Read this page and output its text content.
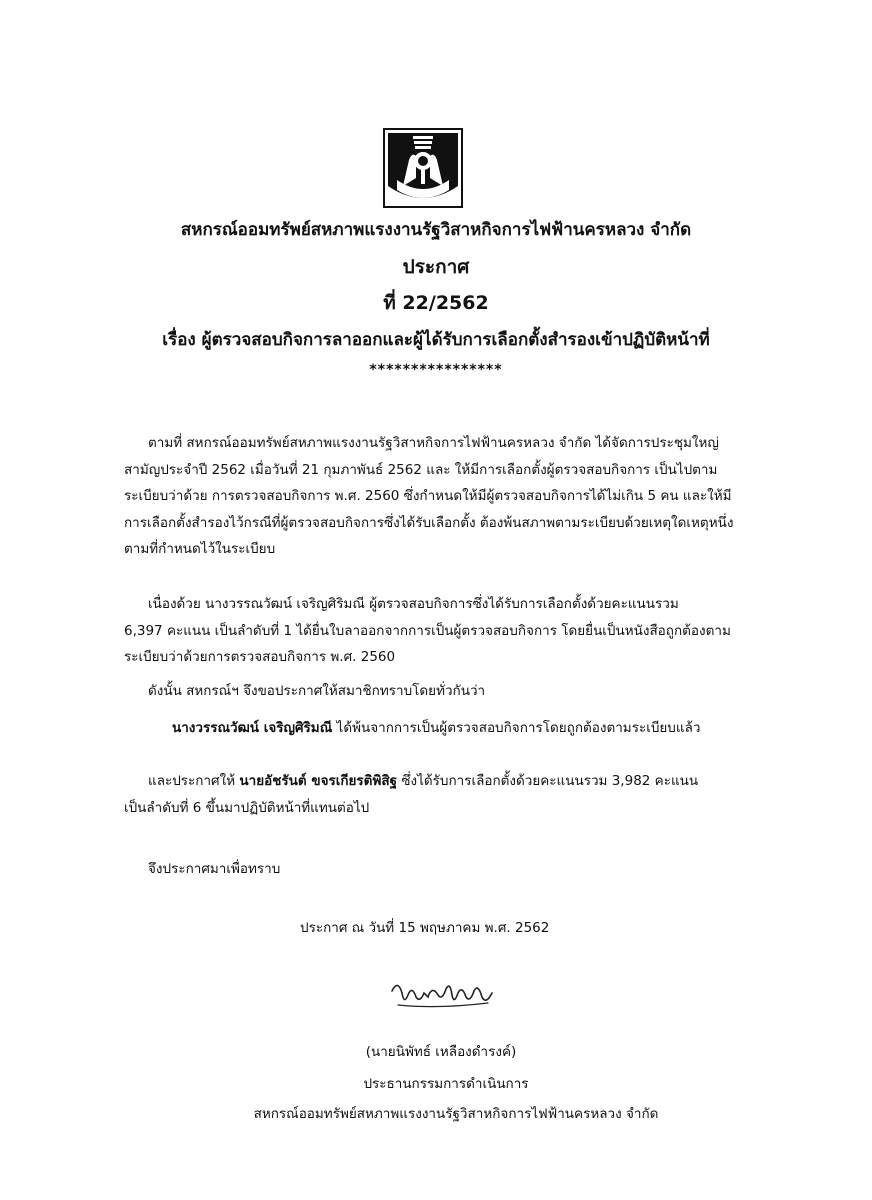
สหกรณ์ออมทรัพย์สหภาพแรงงานรัฐวิสาหกิจการไฟฟ้านครหลวง จำกัด
ประกาศ
ที่ 22/2562
เรื่อง ผู้ตรวจสอบกิจการลาออกและผู้ได้รับการเลือกตั้งสำรองเข้าปฏิบัติหน้าที่
****************
ตามที่ สหกรณ์ออมทรัพย์สหภาพแรงงานรัฐวิสาหกิจการไฟฟ้านครหลวง จำกัด ได้จัดการประชุมใหญ่
สามัญประจำปี 2562 เมื่อวันที่ 21 กุมภาพันธ์ 2562 และ ให้มีการเลือกตั้งผู้ตรวจสอบกิจการ เป็นไปตาม
ระเบียบว่าด้วย การตรวจสอบกิจการ พ.ศ. 2560 ซึ่งกำหนดให้มีผู้ตรวจสอบกิจการได้ไม่เกิน 5 คน และให้มี
การเลือกตั้งสำรองไว้กรณีที่ผู้ตรวจสอบกิจการซึ่งได้รับเลือกตั้ง ต้องพ้นสภาพตามระเบียบด้วยเหตุใดเหตุหนึ่ง
ตามที่กำหนดไว้ในระเบียบ
เนื่องด้วย นางวรรณวัฒน์ เจริญศิริมณี ผู้ตรวจสอบกิจการซึ่งได้รับการเลือกตั้งด้วยคะแนนรวม
6,397 คะแนน เป็นลำดับที่ 1 ได้ยื่นใบลาออกจากการเป็นผู้ตรวจสอบกิจการ โดยยื่นเป็นหนังสือถูกต้องตาม
ระเบียบว่าด้วยการตรวจสอบกิจการ พ.ศ. 2560
ดังนั้น สหกรณ์ฯ จึงขอประกาศให้สมาชิกทราบโดยทั่วกันว่า
นางวรรณวัฒน์ เจริญศิริมณี ได้พ้นจากการเป็นผู้ตรวจสอบกิจการโดยถูกต้องตามระเบียบแล้ว
และประกาศให้ นายอัชรันต์ ขจรเกียรติพิสิฐ ซึ่งได้รับการเลือกตั้งด้วยคะแนนรวม 3,982 คะแนน
เป็นลำดับที่ 6 ขึ้นมาปฏิบัติหน้าที่แทนต่อไป
จึงประกาศมาเพื่อทราบ
ประกาศ ณ วันที่ 15 พฤษภาคม พ.ศ. 2562
(นายนิพัทธ์ เหลืองดำรงค์)
ประธานกรรมการดำเนินการ
สหกรณ์ออมทรัพย์สหภาพแรงงานรัฐวิสาหกิจการไฟฟ้านครหลวง จำกัด
